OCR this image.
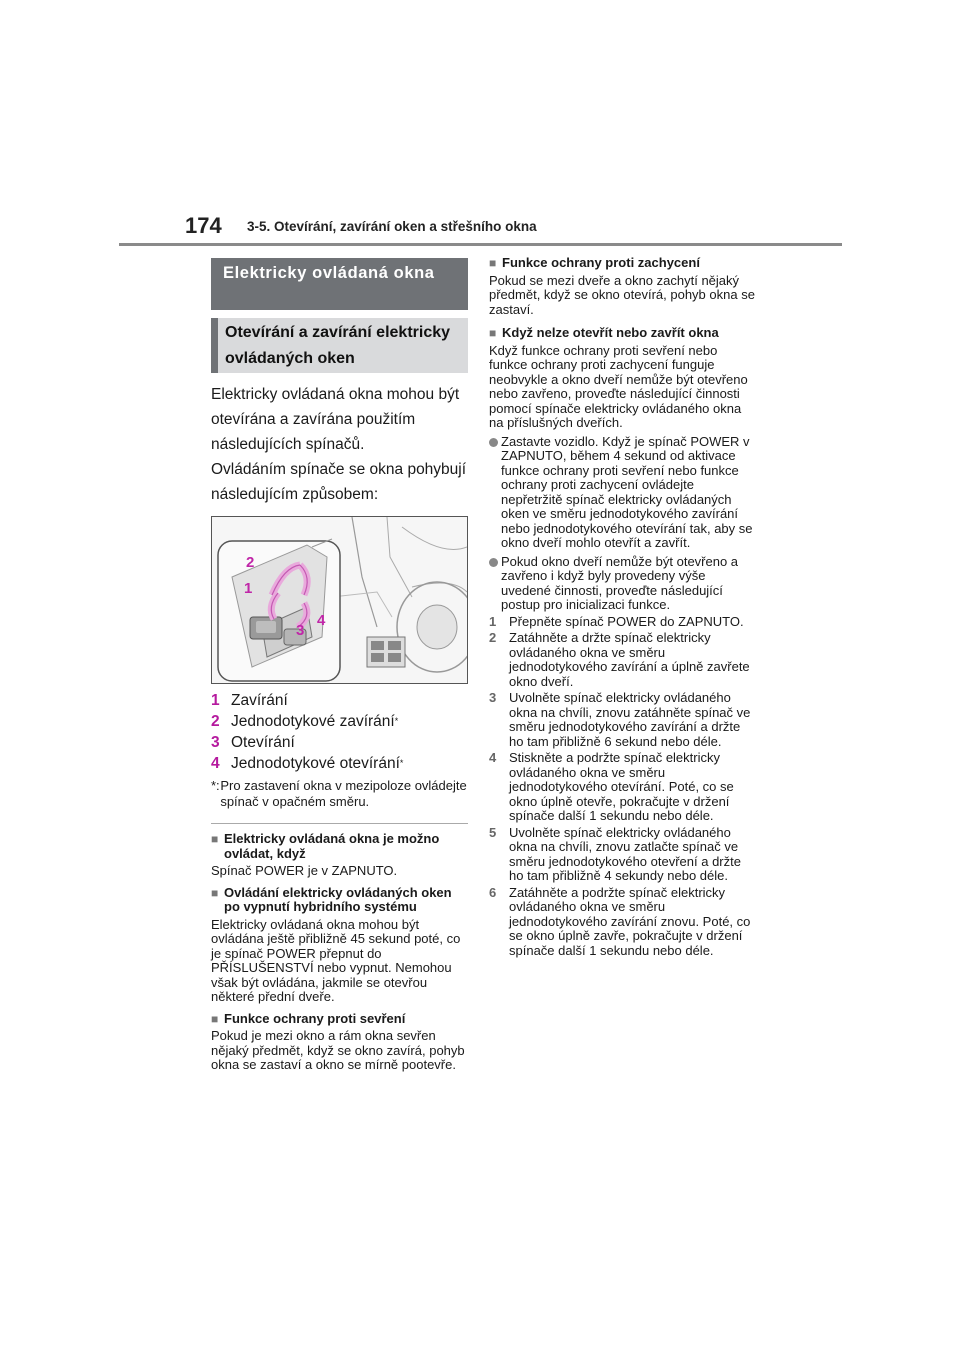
174 3-5. Otevírání, zavírání oken a střešního okna
Elektricky ovládaná okna
Otevírání a zavírání elektricky ovládaných oken

Elektricky ovládaná okna mohou být otevírána a zavírána použitím následujících spínačů.

Ovládáním spínače se okna pohybují následujícím způsobem:

2
1
4
3
1 Zavírání
2 Jednodotykové zavírání *
3 Otevírání
4 Jednodotykové otevírání *
*: Pro zastavení okna v mezipoloze ovládejte spínač v opačném směru.
■ Elektricky ovládaná okna je možno ovládat, když
Spínač POWER je v ZAPNUTO.
■ Ovládání elektricky ovládaných oken po vypnutí hybridního systému
Elektricky ovládaná okna mohou být ovládána ještě přibližně 45 sekund poté, co je spínač POWER přepnut do PŘÍSLUŠENSTVÍ nebo vypnut. Nemohou však být ovládána, jakmile se otevřou některé přední dveře.
■ Funkce ochrany proti sevření
Pokud je mezi okno a rám okna sevřen nějaký předmět, když se okno zavírá, pohyb okna se zastaví a okno se mírně pootevře.
■ Funkce ochrany proti zachycení
Pokud se mezi dveře a okno zachytí nějaký předmět, když se okno otevírá, pohyb okna se zastaví.
■ Když nelze otevřít nebo zavřít okna
Když funkce ochrany proti sevření nebo funkce ochrany proti zachycení funguje neobvykle a okno dveří nemůže být otevřeno nebo zavřeno, proveďte následující činnosti pomocí spínače elektricky ovládaného okna na příslušných dveřích.
Zastavte vozidlo. Když je spínač POWER v ZAPNUTO, během 4 sekund od aktivace funkce ochrany proti sevření nebo funkce ochrany proti zachycení ovládejte nepřetržitě spínač elektricky ovládaných oken ve směru jednodotykového zavírání nebo jednodotykového otevírání tak, aby se okno dveří mohlo otevřít a zavřít.
Pokud okno dveří nemůže být otevřeno a zavřeno i když byly provedeny výše uvedené činnosti, proveďte následující postup pro inicializaci funkce.
1 Přepněte spínač POWER do ZAPNUTO.
2 Zatáhněte a držte spínač elektricky ovládaného okna ve směru jednodotykového zavírání a úplně zavřete okno dveří.
3 Uvolněte spínač elektricky ovládaného okna na chvíli, znovu zatáhněte spínač ve směru jednodotykového zavírání a držte ho tam přibližně 6 sekund nebo déle.
4 Stiskněte a podržte spínač elektricky ovládaného okna ve směru jednodotykového otevírání. Poté, co se okno úplně otevře, pokračujte v držení spínače další 1 sekundu nebo déle.
5 Uvolněte spínač elektricky ovládaného okna na chvíli, znovu zatlačte spínač ve směru jednodotykového otevření a držte ho tam přibližně 4 sekundy nebo déle.
6 Zatáhněte a podržte spínač elektricky ovládaného okna ve směru jednodotykového zavírání znovu. Poté, co se okno úplně zavře, pokračujte v držení spínače další 1 sekundu nebo déle.
